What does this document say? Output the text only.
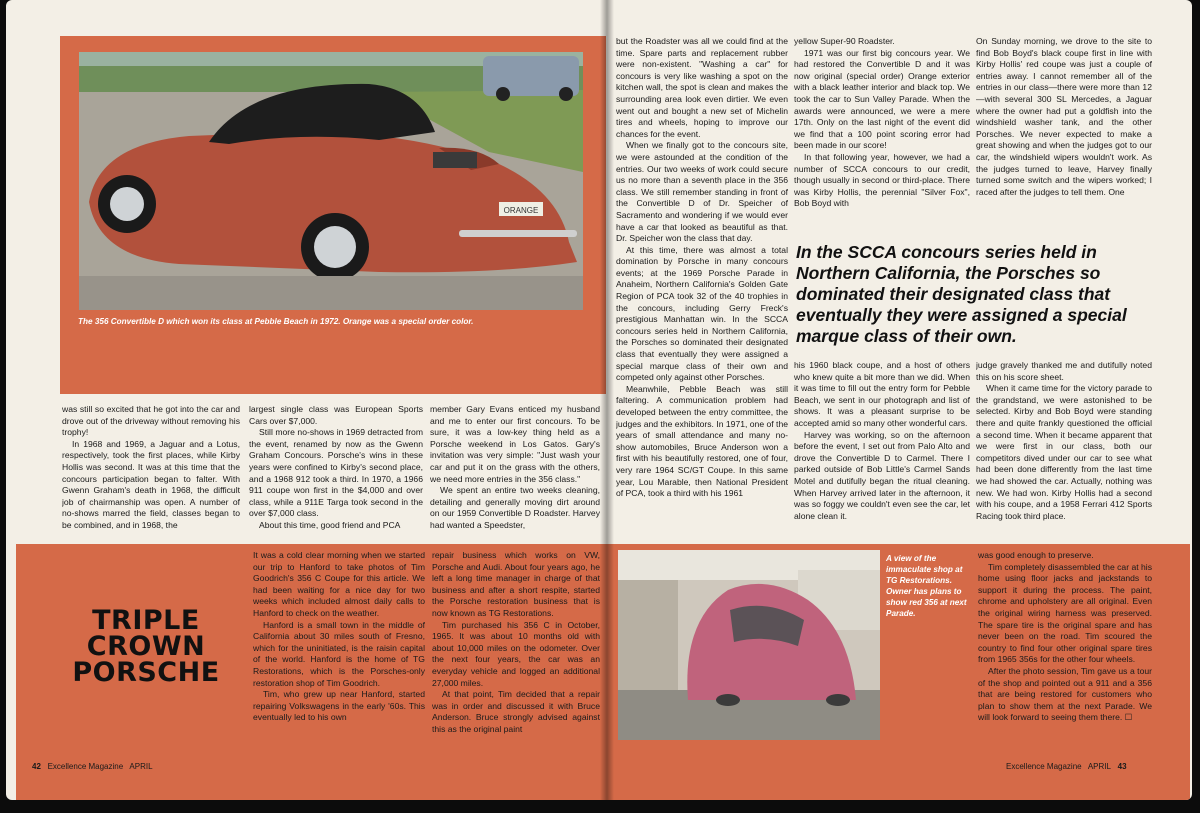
ORANGE

The 356 Convertible D which won its class at Pebble Beach in 1972. Orange was a special order color.

was still so excited that he got into the car and drove out of the driveway without removing his trophy!

In 1968 and 1969, a Jaguar and a Lotus, respectively, took the first places, while Kirby Hollis was second. It was at this time that the concours participation began to falter. With Gwenn Graham's death in 1968, the difficult job of chairmanship was open. A number of no-shows marred the field, classes began to be combined, and in 1968, the

largest single class was European Sports Cars over $7,000.

Still more no-shows in 1969 detracted from the event, renamed by now as the Gwenn Graham Concours. Porsche's wins in these years were confined to Kirby's second place, and a 1968 912 took a third. In 1970, a 1966 911 coupe won first in the $4,000 and over class, while a 911E Targa took second in the over $7,000 class.

About this time, good friend and PCA

member Gary Evans enticed my husband and me to enter our first concours. To be sure, it was a low-key thing held as a Porsche weekend in Los Gatos. Gary's invitation was very simple: "Just wash your car and put it on the grass with the others, we need more entries in the 356 class."

We spent an entire two weeks cleaning, detailing and generally moving dirt around on our 1959 Convertible D Roadster. Harvey had wanted a Speedster,

TRIPLE
CROWN
PORSCHE

It was a cold clear morning when we started our trip to Hanford to take photos of Tim Goodrich's 356 C Coupe for this article. We had been waiting for a nice day for two weeks which included almost daily calls to Hanford to check on the weather.

Hanford is a small town in the middle of California about 30 miles south of Fresno, which for the uninitiated, is the raisin capital of the world. Hanford is the home of TG Restorations, which is the Porsches-only restoration shop of Tim Goodrich.

Tim, who grew up near Hanford, started repairing Volkswagens in the early '60s. This eventually led to his own

repair business which works on VW, Porsche and Audi. About four years ago, he left a long time manager in charge of that business and after a short respite, started the Porsche restoration business that is now known as TG Restorations.

Tim purchased his 356 C in October, 1965. It was about 10 months old with about 10,000 miles on the odometer. Over the next four years, the car was an everyday vehicle and logged an additional 27,000 miles.

At that point, Tim decided that a repair was in order and discussed it with Bruce Anderson. Bruce strongly advised against this as the original paint

42 Excellence Magazine APRIL

but the Roadster was all we could find at the time. Spare parts and replacement rubber were non-existent. "Washing a car" for concours is very like washing a spot on the kitchen wall, the spot is clean and makes the surrounding area look even dirtier. We even went out and bought a new set of Michelin tires and wheels, hoping to improve our chances for the event.

When we finally got to the concours site, we were astounded at the condition of the entries. Our two weeks of work could secure us no more than a seventh place in the 356 class. We still remember standing in front of the Convertible D of Dr. Speicher of Sacramento and wondering if we would ever have a car that looked as beautiful as that. Dr. Speicher won the class that day.

At this time, there was almost a total domination by Porsche in many concours events; at the 1969 Porsche Parade in Anaheim, Northern California's Golden Gate Region of PCA took 32 of the 40 trophies in the concours, including Gerry Freck's prestigious Manhattan win. In the SCCA concours series held in Northern California, the Porsches so dominated their designated class that eventually they were assigned a special marque class of their own and competed only against other Porsches.

Meanwhile, Pebble Beach was still faltering. A communication problem had developed between the entry committee, the judges and the exhibitors. In 1971, one of the years of small attendance and many no-show automobiles, Bruce Anderson won a first with his beautifully restored, one of four, very rare 1964 SC/GT Coupe. In this same year, Lou Marable, then National President of PCA, took a third with his 1961

yellow Super-90 Roadster.

1971 was our first big concours year. We had restored the Convertible D and it was now original (special order) Orange exterior with a black leather interior and black top. We took the car to Sun Valley Parade. When the awards were announced, we were a mere 17th. Only on the last night of the event did we find that a 100 point scoring error had been made in our score!

In that following year, however, we had a number of SCCA concours to our credit, though usually in second or third-place. There was Kirby Hollis, the perennial "Silver Fox", Bob Boyd with

On Sunday morning, we drove to the site to find Bob Boyd's black coupe first in line with Kirby Hollis' red coupe was just a couple of entries away. I cannot remember all of the entries in our class—there were more than 12—with several 300 SL Mercedes, a Jaguar where the owner had put a goldfish into the windshield washer tank, and the other Porsches. We never expected to make a great showing and when the judges got to our car, the windshield wipers wouldn't work. As the judges turned to leave, Harvey finally turned some switch and the wipers worked; I raced after the judges to tell them. One

In the SCCA concours series held in Northern California, the Porsches so dominated their designated class that eventually they were assigned a special marque class of their own.

his 1960 black coupe, and a host of others who knew quite a bit more than we did. When it was time to fill out the entry form for Pebble Beach, we sent in our photograph and list of shows. It was a pleasant surprise to be accepted amid so many other wonderful cars.

Harvey was working, so on the afternoon before the event, I set out from Palo Alto and drove the Convertible D to Carmel. There I parked outside of Bob Little's Carmel Sands Motel and dutifully began the ritual cleaning. When Harvey arrived later in the afternoon, it was so foggy we couldn't even see the car, let alone clean it.

judge gravely thanked me and dutifully noted this on his score sheet.

When it came time for the victory parade to the grandstand, we were astonished to be selected. Kirby and Bob Boyd were standing there and quite frankly questioned the official a second time. When it became apparent that we were first in our class, both our competitors dived under our car to see what had been done differently from the last time we had showed the car. Actually, nothing was new. We had won. Kirby Hollis had a second with his coupe, and a 1958 Ferrari 412 Sports Racing took third place.

A view of the immaculate shop at TG Restorations. Owner has plans to show red 356 at next Parade.

was good enough to preserve.

Tim completely disassembled the car at his home using floor jacks and jackstands to support it during the process. The paint, chrome and upholstery are all original. Even the original wiring harness was preserved. The spare tire is the original spare and has never been on the road. Tim scoured the country to find four other original spare tires from 1965 356s for the other four wheels.

After the photo session, Tim gave us a tour of the shop and pointed out a 911 and a 356 that are being restored for customers who plan to show them at the next Parade. We will look forward to seeing them there. ☐

Excellence Magazine APRIL 43
